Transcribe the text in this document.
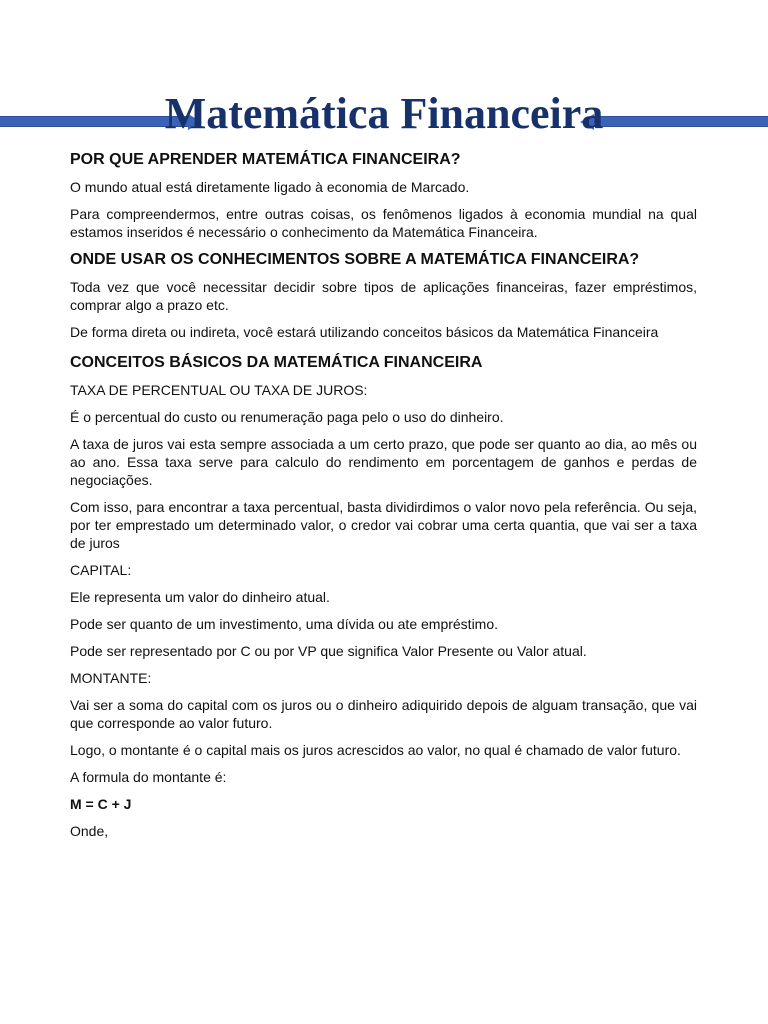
Matemática Financeira
POR QUE APRENDER MATEMÁTICA FINANCEIRA?

O mundo atual está diretamente ligado à economia de Marcado.

Para compreendermos, entre outras coisas, os fenômenos ligados à economia mundial na qual estamos inseridos é necessário o conhecimento da Matemática Financeira.

ONDE USAR OS CONHECIMENTOS SOBRE A MATEMÁTICA FINANCEIRA?

Toda vez que você necessitar decidir sobre tipos de aplicações financeiras, fazer empréstimos, comprar algo a prazo etc.

De forma direta ou indireta, você estará utilizando conceitos básicos da Matemática Financeira

CONCEITOS BÁSICOS DA MATEMÁTICA FINANCEIRA

TAXA DE PERCENTUAL OU TAXA DE JUROS:

É o percentual do custo ou renumeração paga pelo o uso do dinheiro.

A taxa de juros vai esta sempre associada a um certo prazo, que pode ser quanto ao dia, ao mês ou ao ano. Essa taxa serve para calculo do rendimento em porcentagem de ganhos e perdas de negociações.

Com isso, para encontrar a taxa percentual, basta dividirdimos o valor novo pela referência. Ou seja, por ter emprestado um determinado valor, o credor vai cobrar uma certa quantia, que vai ser a taxa de juros

CAPITAL:

Ele representa um valor do dinheiro atual.

Pode ser quanto de um investimento, uma dívida ou ate empréstimo.

Pode ser representado por C ou por VP que significa Valor Presente ou Valor atual.

MONTANTE:

Vai ser a soma do capital com os juros ou o dinheiro adiquirido depois de alguam transação, que vai que corresponde ao valor futuro.

Logo, o montante é o capital mais os juros acrescidos ao valor, no qual é chamado de valor futuro.

A formula do montante é:

M = C + J

Onde,
